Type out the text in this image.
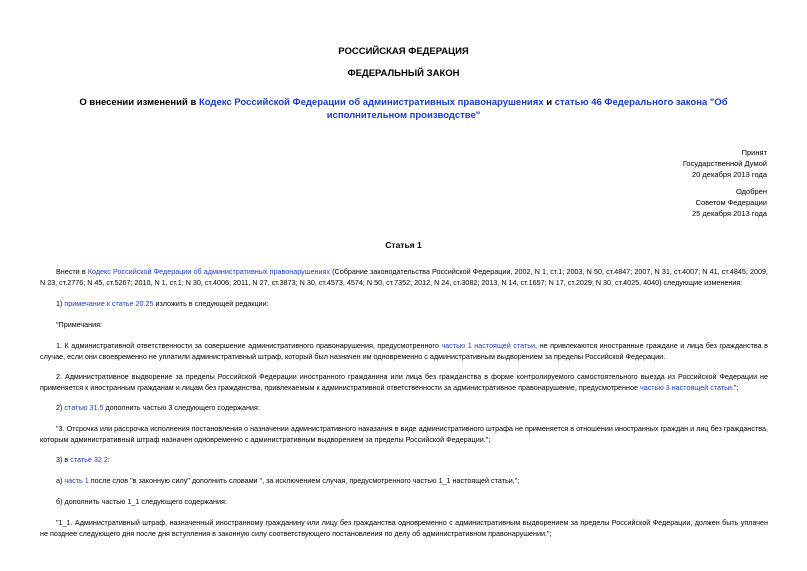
РОССИЙСКАЯ ФЕДЕРАЦИЯ
ФЕДЕРАЛЬНЫЙ ЗАКОН
О внесении изменений в Кодекс Российской Федерации об административных правонарушениях и статью 46 Федерального закона "Об исполнительном производстве"
Принят
Государственной Думой
20 декабря 2013 года
Одобрен
Советом Федерации
25 декабря 2013 года
Статья 1
Внести в Кодекс Российской Федерации об административных правонарушениях (Собрание законодательства Российской Федерации, 2002, N 1, ст.1; 2003, N 50, ст.4847; 2007, N 31, ст.4007; N 41, ст.4845; 2009, N 23, ст.2776; N 45, ст.5267; 2010, N 1, ст.1; N 30, ст.4006; 2011, N 27, ст.3873; N 30, ст.4573, 4574; N 50, ст.7352; 2012, N 24, ст.3082; 2013, N 14, ст.1657; N 17, ст.2029; N 30, ст.4025, 4040) следующие изменения:
1) примечание к статье 20.25 изложить в следующей редакции:
"Примечания:
1. К административной ответственности за совершение административного правонарушения, предусмотренного частью 1 настоящей статьи, не привлекаются иностранные граждане и лица без гражданства в случае, если они своевременно не уплатили административный штраф, который был назначен им одновременно с административным выдворением за пределы Российской Федерации.
2. Административное выдворение за пределы Российской Федерации иностранного гражданина или лица без гражданства в форме контролируемого самостоятельного выезда из Российской Федерации не применяется к иностранным гражданам и лицам без гражданства, привлекаемым к административной ответственности за административное правонарушение, предусмотренное частью 3 настоящей статьи.";
2) статью 31.5 дополнить частью 3 следующего содержания:
"3. Отсрочка или рассрочка исполнения постановления о назначении административного наказания в виде административного штрафа не применяется в отношении иностранных граждан и лиц без гражданства, которым административный штраф назначен одновременно с административным выдворением за пределы Российской Федерации.";
3) в статье 32.2:
а) часть 1 после слов "в законную силу" дополнить словами ", за исключением случая, предусмотренного частью 1_1 настоящей статьи,";
б) дополнить частью 1_1 следующего содержания:
"1_1. Административный штраф, назначенный иностранному гражданину или лицу без гражданства одновременно с административным выдворением за пределы Российской Федерации, должен быть уплачен не позднее следующего дня после дня вступления в законную силу соответствующего постановления по делу об административном правонарушении.";
